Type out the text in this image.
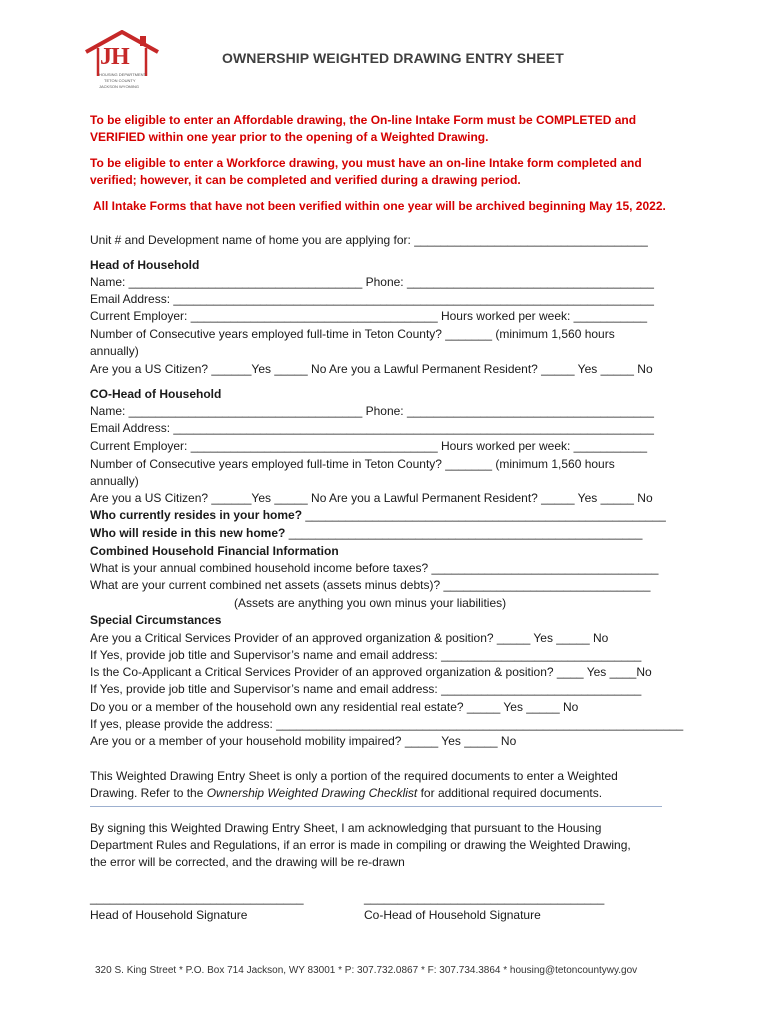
JH
HOUSING DEPARTMENT
TETON COUNTY
JACKSON WYOMING
OWNERSHIP WEIGHTED DRAWING ENTRY SHEET
To be eligible to enter an Affordable drawing, the On-line Intake Form must be COMPLETED and
VERIFIED within one year prior to the opening of a Weighted Drawing.
To be eligible to enter a Workforce drawing, you must have an on-line Intake form completed and
verified; however, it can be completed and verified during a drawing period.
All Intake Forms that have not been verified within one year will be archived beginning May 15, 2022.
Unit # and Development name of home you are applying for: ___________________________________
Head of Household
Name: ___________________________________ Phone: _____________________________________
Email Address: ________________________________________________________________________
Current Employer: _____________________________________ Hours worked per week: ___________
Number of Consecutive years employed full-time in Teton County? _______ (minimum 1,560 hours
annually)
Are you a US Citizen? ______Yes _____ No Are you a Lawful Permanent Resident? _____ Yes _____ No
CO-Head of Household
Name: ___________________________________ Phone: _____________________________________
Email Address: ________________________________________________________________________
Current Employer: _____________________________________ Hours worked per week: ___________
Number of Consecutive years employed full-time in Teton County? _______ (minimum 1,560 hours
annually)
Are you a US Citizen? ______Yes _____ No Are you a Lawful Permanent Resident? _____ Yes _____ No
Who currently resides in your home? ______________________________________________________
Who will reside in this new home? _____________________________________________________
Combined Household Financial Information
What is your annual combined household income before taxes? __________________________________
What are your current combined net assets (assets minus debts)? _______________________________
(Assets are anything you own minus your liabilities)
Special Circumstances
Are you a Critical Services Provider of an approved organization & position? _____ Yes _____ No
If Yes, provide job title and Supervisor’s name and email address: ______________________________
Is the Co-Applicant a Critical Services Provider of an approved organization & position? ____ Yes ____No
If Yes, provide job title and Supervisor’s name and email address: ______________________________
Do you or a member of the household own any residential real estate? _____ Yes _____ No
If yes, please provide the address: _____________________________________________________________
Are you or a member of your household mobility impaired? _____ Yes _____ No
This Weighted Drawing Entry Sheet is only a portion of the required documents to enter a Weighted
Drawing. Refer to the Ownership Weighted Drawing Checklist for additional required documents.
By signing this Weighted Drawing Entry Sheet, I am acknowledging that pursuant to the Housing
Department Rules and Regulations, if an error is made in compiling or drawing the Weighted Drawing,
the error will be corrected, and the drawing will be re-drawn
________________________________
Head of Household Signature
____________________________________
Co-Head of Household Signature
320 S. King Street * P.O. Box 714 Jackson, WY 83001 * P: 307.732.0867 * F: 307.734.3864 * housing@tetoncountywy.gov
